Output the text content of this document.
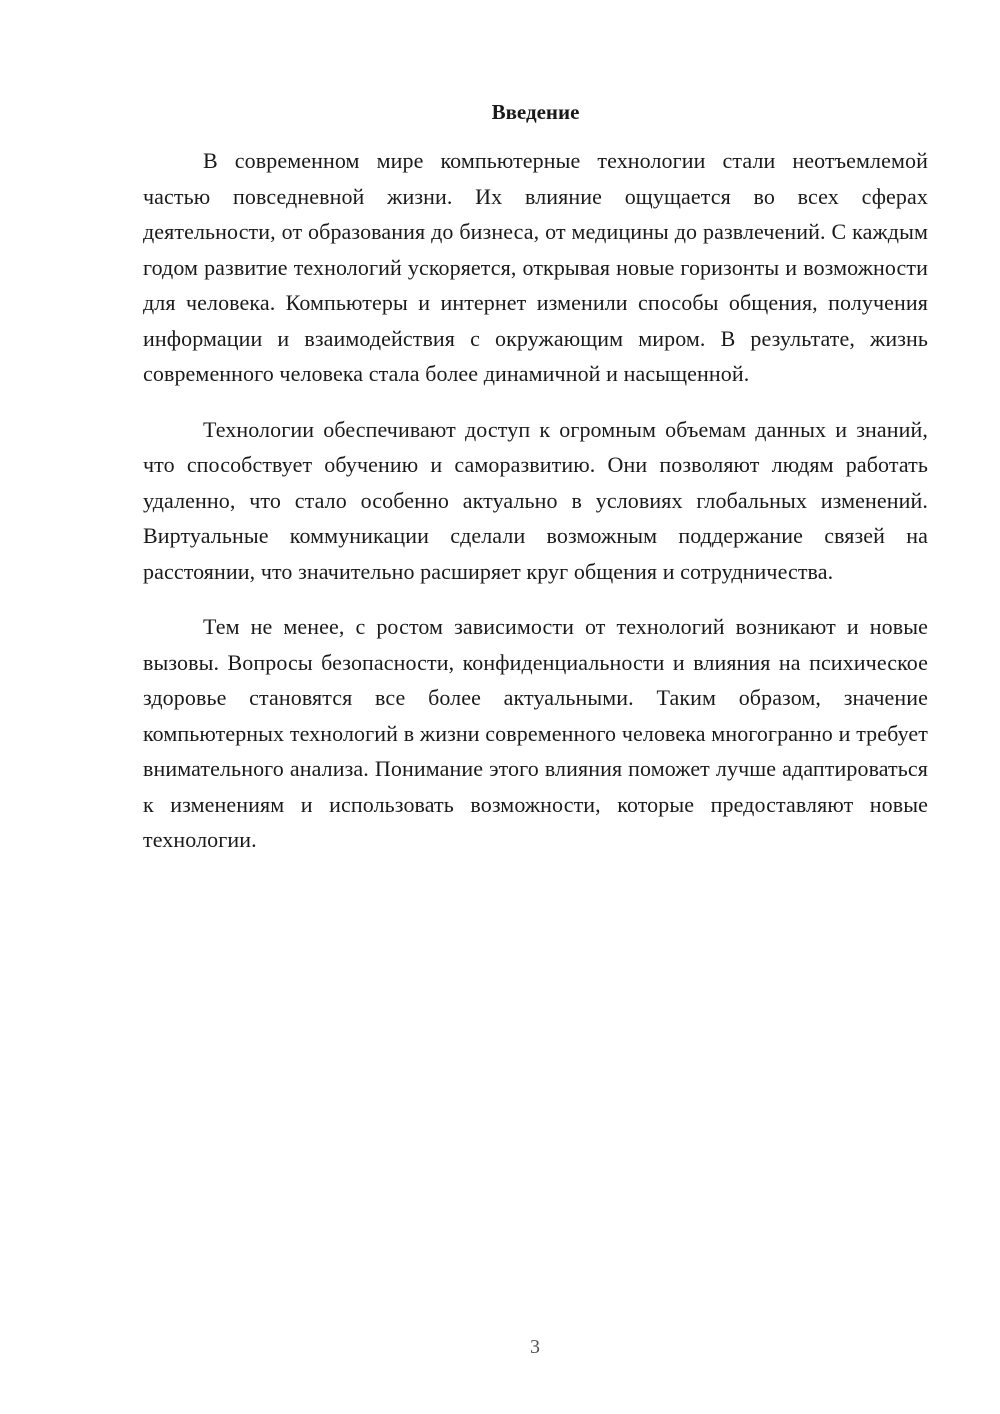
Введение

В современном мире компьютерные технологии стали неотъемлемой частью повседневной жизни. Их влияние ощущается во всех сферах деятельности, от образования до бизнеса, от медицины до развлечений. С каждым годом развитие технологий ускоряется, открывая новые горизонты и возможности для человека. Компьютеры и интернет изменили способы общения, получения информации и взаимодействия с окружающим миром. В результате, жизнь современного человека стала более динамичной и насыщенной.

Технологии обеспечивают доступ к огромным объемам данных и знаний, что способствует обучению и саморазвитию. Они позволяют людям работать удаленно, что стало особенно актуально в условиях глобальных изменений. Виртуальные коммуникации сделали возможным поддержание связей на расстоянии, что значительно расширяет круг общения и сотрудничества.

Тем не менее, с ростом зависимости от технологий возникают и новые вызовы. Вопросы безопасности, конфиденциальности и влияния на психическое здоровье становятся все более актуальными. Таким образом, значение компьютерных технологий в жизни современного человека многогранно и требует внимательного анализа. Понимание этого влияния поможет лучше адаптироваться к изменениям и использовать возможности, которые предоставляют новые технологии.

3
